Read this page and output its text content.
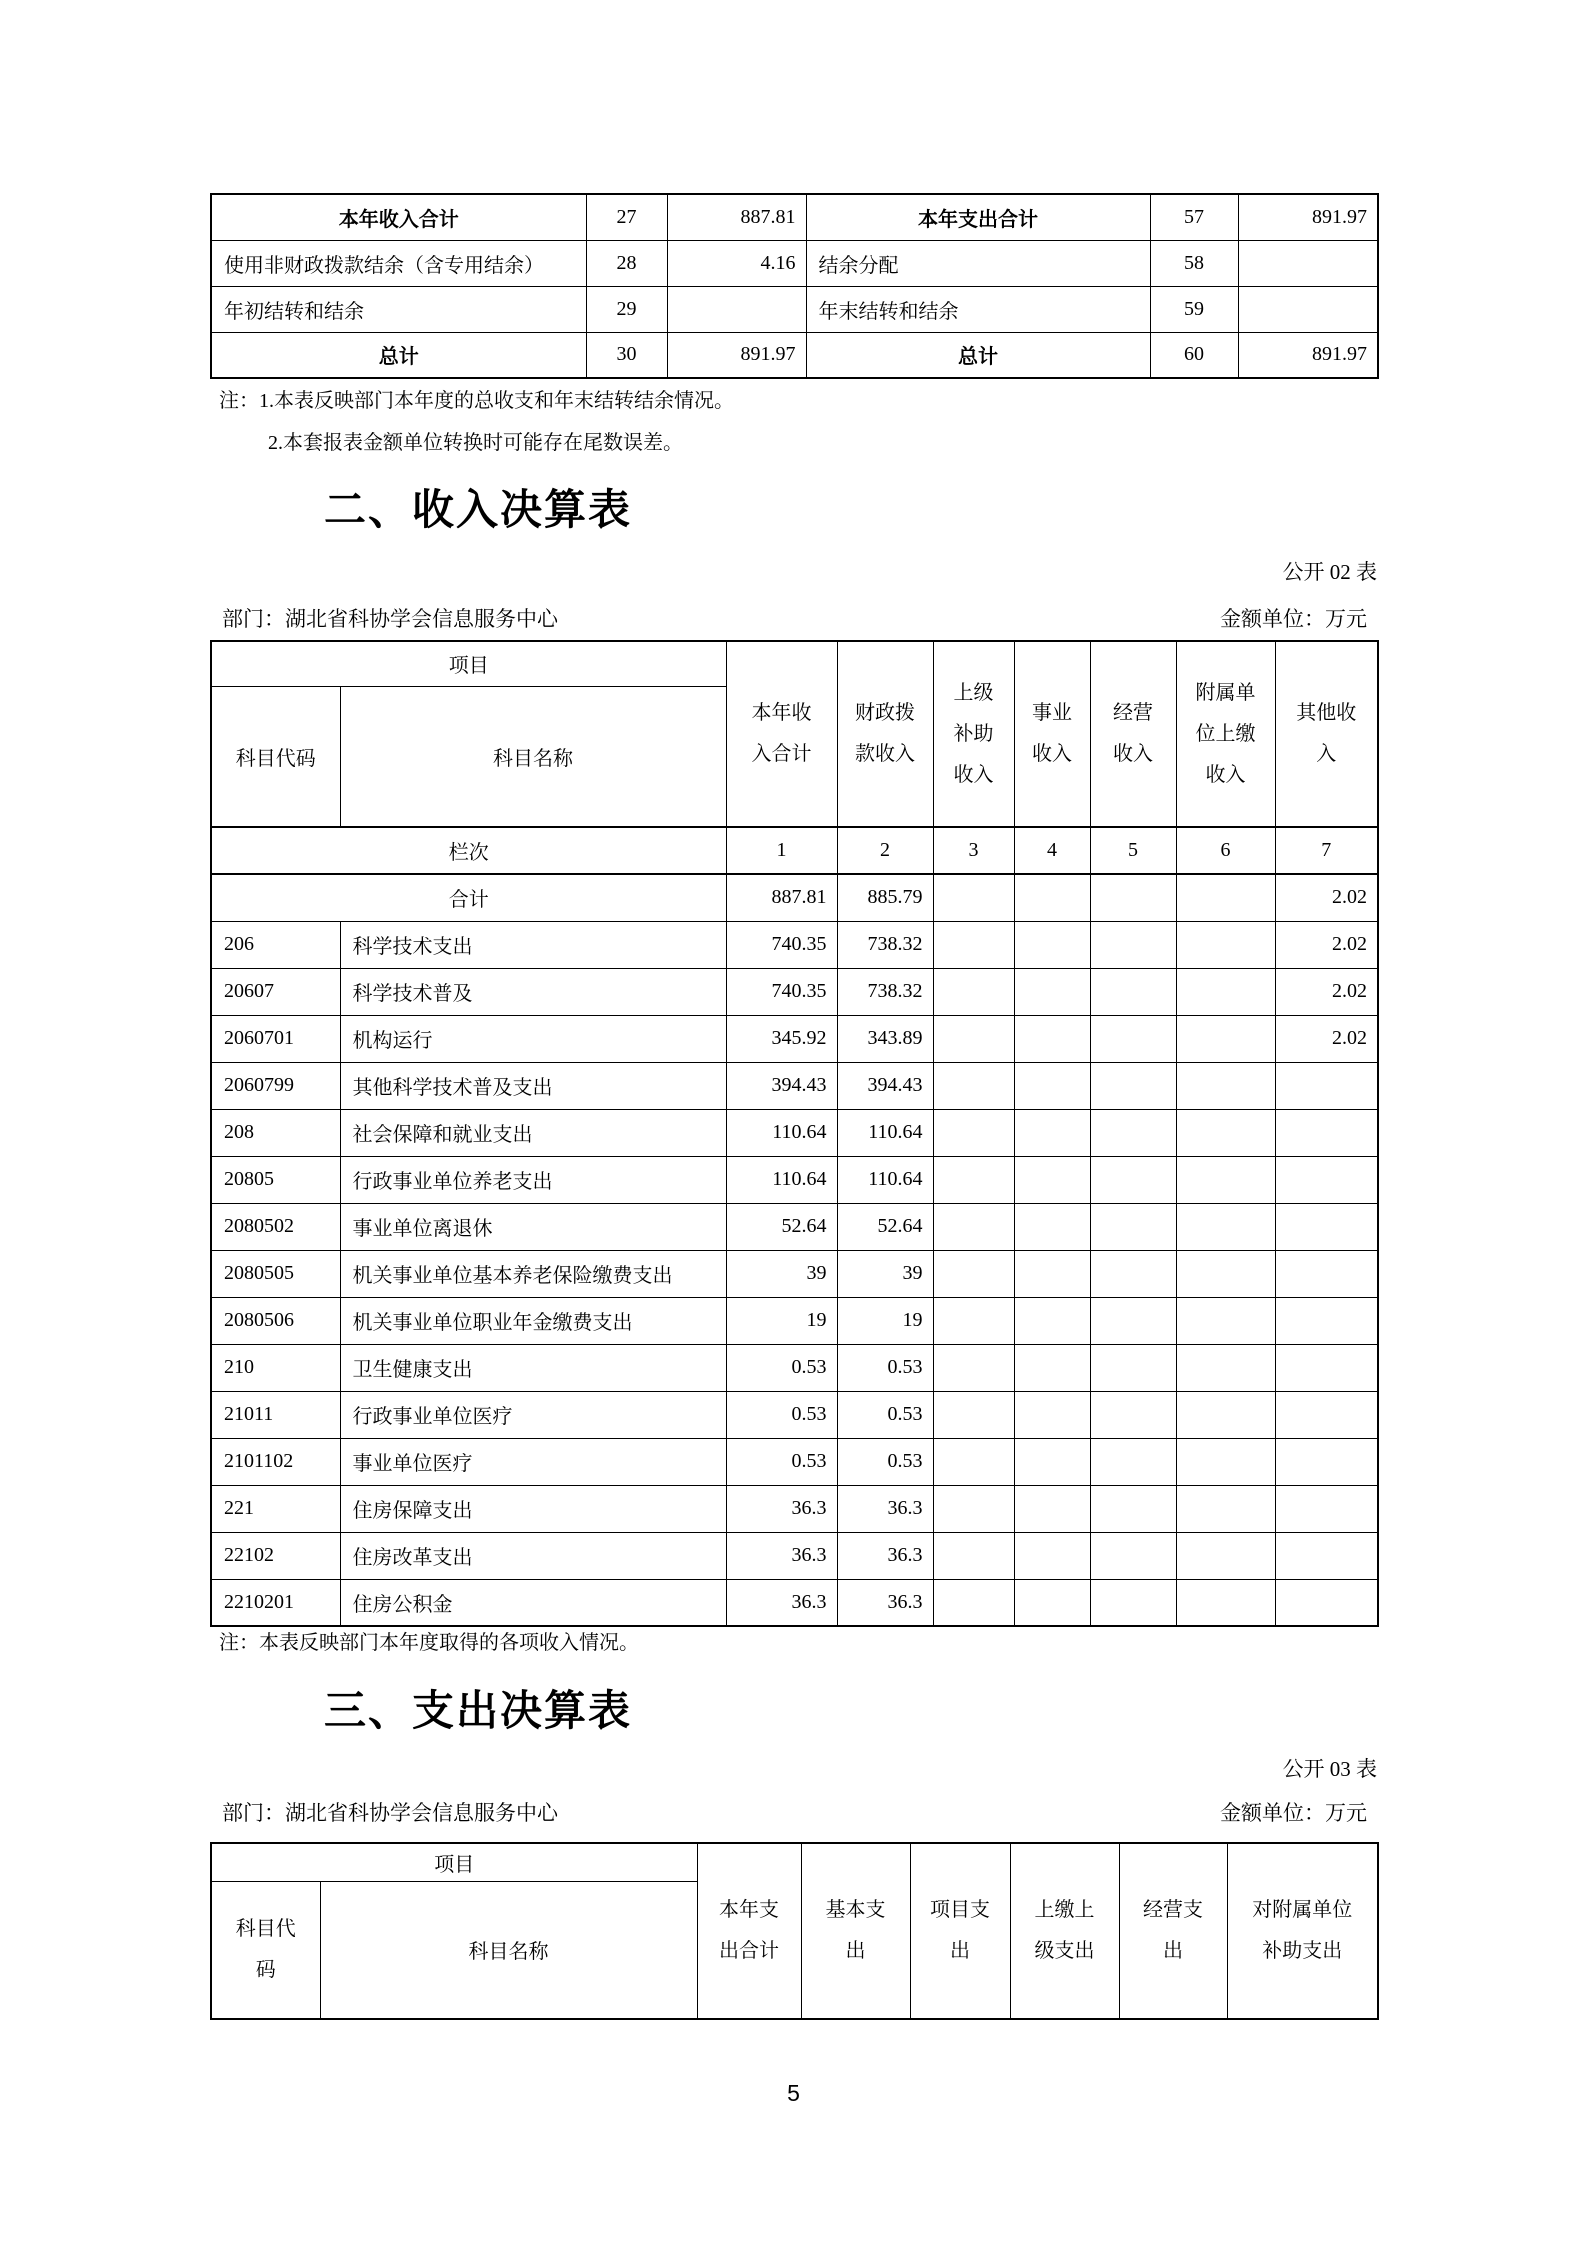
本年收入合计	27	887.81	本年支出合计	57	891.97
使用非财政拨款结余（含专用结余）	28	4.16	结余分配	58	
年初结转和结余	29		年末结转和结余	59	
总计	30	891.97	总计	60	891.97
注：1.本表反映部门本年度的总收支和年末结转结余情况。
2.本套报表金额单位转换时可能存在尾数误差。
二、收入决算表
公开 02 表
部门：湖北省科协学会信息服务中心	金额单位：万元
项目		本年收入合计	财政拨款收入	上级补助收入	事业收入	经营收入	附属单位上缴收入	其他收入
科目代码	科目名称							
栏次		1	2	3	4	5	6	7
合计		887.81	885.79					2.02
206	科学技术支出	740.35	738.32					2.02
20607	科学技术普及	740.35	738.32					2.02
2060701	机构运行	345.92	343.89					2.02
2060799	其他科学技术普及支出	394.43	394.43					
208	社会保障和就业支出	110.64	110.64					
20805	行政事业单位养老支出	110.64	110.64					
2080502	事业单位离退休	52.64	52.64					
2080505	机关事业单位基本养老保险缴费支出	39	39					
2080506	机关事业单位职业年金缴费支出	19	19					
210	卫生健康支出	0.53	0.53					
21011	行政事业单位医疗	0.53	0.53					
2101102	事业单位医疗	0.53	0.53					
221	住房保障支出	36.3	36.3					
22102	住房改革支出	36.3	36.3					
2210201	住房公积金	36.3	36.3					
注：本表反映部门本年度取得的各项收入情况。
三、支出决算表
公开 03 表
部门：湖北省科协学会信息服务中心	金额单位：万元
项目		本年支出合计	基本支出	项目支出	上缴上级支出	经营支出	对附属单位补助支出
科目代码	科目名称						
5
